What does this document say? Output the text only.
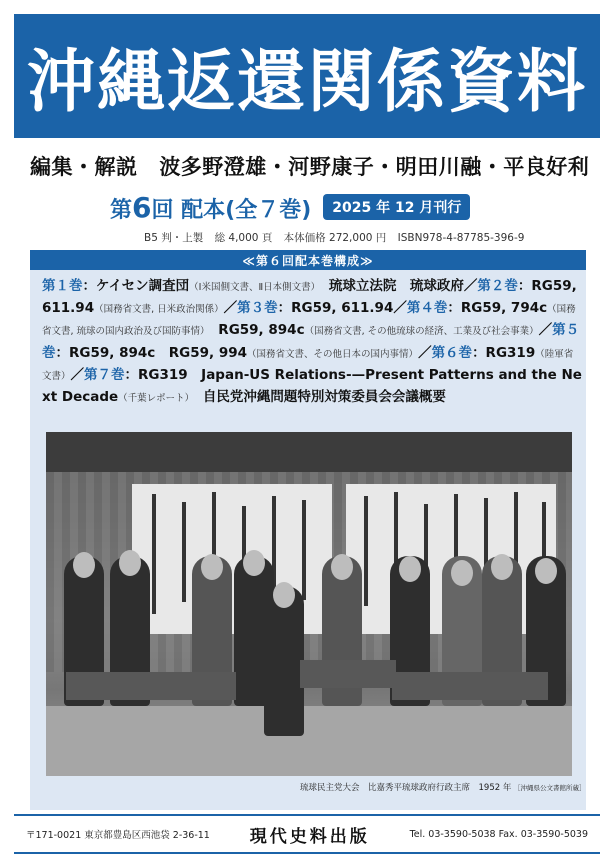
沖縄返還関係資料
編集・解説 波多野澄雄・河野康子・明田川融・平良好利
第6回 配本(全７巻)	2025 年 12 月刊行
B5 判・上製 総 4,000 頁 本体価格 272,000 円 ISBN978-4-87785-396-9
≪第６回配本巻構成≫
第１巻：ケイセン調査団（Ⅰ米国側文書、Ⅱ日本側文書）　琉球立法院　琉球政府／第２巻：RG59, 611.94（国務省文書, 日米政治関係）／第３巻：RG59, 611.94／第４巻：RG59, 794c（国務省文書, 琉球の国内政治及び国防事情）　RG59, 894c（国務省文書, その他琉球の経済、工業及び社会事業）／第５巻：RG59, 894c　RG59, 994（国務省文書、その他日本の国内事情）／第６巻：RG319（陸軍省文書）／第７巻：RG319　Japan-US Relations-—Present Patterns and the Next Decade（千葉レポート）　自民党沖縄問題特別対策委員会会議概要
琉球民主党大会　比嘉秀平琉球政府行政主席　1952 年 ［沖縄県公文書館所蔵］
〒171-0021 東京都豊島区西池袋 2-36-11 現代史料出版	Tel. 03-3590-5038 Fax. 03-3590-5039
